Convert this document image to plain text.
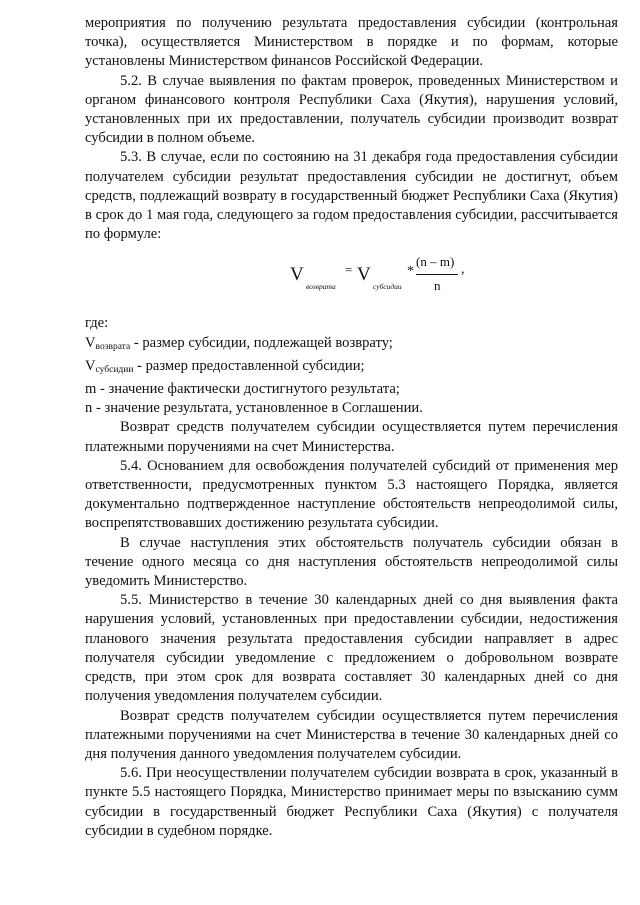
мероприятия по получению результата предоставления субсидии (контрольная точка), осуществляется Министерством в порядке и по формам, которые установлены Министерством финансов Российской Федерации.

5.2. В случае выявления по фактам проверок, проведенных Министерством и органом финансового контроля Республики Саха (Якутия), нарушения условий, установленных при их предоставлении, получатель субсидии производит возврат субсидии в полном объеме.

5.3. В случае, если по состоянию на 31 декабря года предоставления субсидии получателем субсидии результат предоставления субсидии не достигнут, объем средств, подлежащий возврату в государственный бюджет Республики Саха (Якутия) в срок до 1 мая года, следующего за годом предоставления субсидии, рассчитывается по формуле:

V
возврата
= V
субсидии
*
(n – m)
n
,

где:

Vвозврата - размер субсидии, подлежащей возврату;

Vсубсидии - размер предоставленной субсидии;

m - значение фактически достигнутого результата;

n - значение результата, установленное в Соглашении.

Возврат средств получателем субсидии осуществляется путем перечисления платежными поручениями на счет Министерства.

5.4. Основанием для освобождения получателей субсидий от применения мер ответственности, предусмотренных пунктом 5.3 настоящего Порядка, является документально подтвержденное наступление обстоятельств непреодолимой силы, воспрепятствовавших достижению результата субсидии.

В случае наступления этих обстоятельств получатель субсидии обязан в течение одного месяца со дня наступления обстоятельств непреодолимой силы уведомить Министерство.

5.5. Министерство в течение 30 календарных дней со дня выявления факта нарушения условий, установленных при предоставлении субсидии, недостижения планового значения результата предоставления субсидии направляет в адрес получателя субсидии уведомление с предложением о добровольном возврате средств, при этом срок для возврата составляет 30 календарных дней со дня получения уведомления получателем субсидии.

Возврат средств получателем субсидии осуществляется путем перечисления платежными поручениями на счет Министерства в течение 30 календарных дней со дня получения данного уведомления получателем субсидии.

5.6. При неосуществлении получателем субсидии возврата в срок, указанный в пункте 5.5 настоящего Порядка, Министерство принимает меры по взысканию сумм субсидии в государственный бюджет Республики Саха (Якутия) с получателя субсидии в судебном порядке.
